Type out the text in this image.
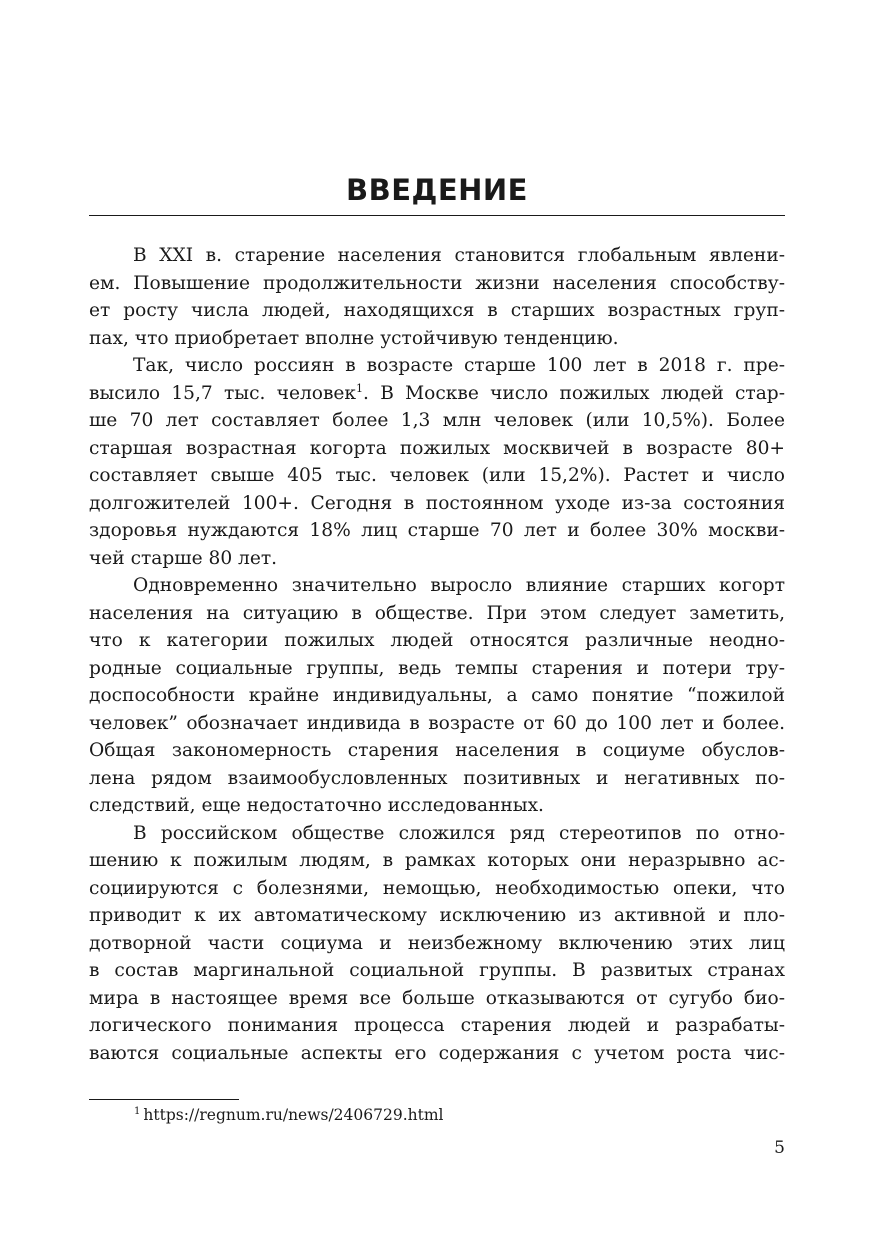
ВВЕДЕНИЕ
В XXI в. старение населения становится глобальным явлени-
ем. Повышение продолжительности жизни населения способству-
ет росту числа людей, находящихся в старших возрастных груп-
пах, что приобретает вполне устойчивую тенденцию.
Так, число россиян в возрасте старше 100 лет в 2018 г. пре-
высило 15,7 тыс. человек$^1$. В Москве число пожилых людей стар-
ше 70 лет составляет более 1,3 млн человек (или 10,5%). Более
старшая возрастная когорта пожилых москвичей в возрасте 80+
составляет свыше 405 тыс. человек (или 15,2%). Растет и число
долгожителей 100+. Сегодня в постоянном уходе из-за состояния
здоровья нуждаются 18% лиц старше 70 лет и более 30% москви-
чей старше 80 лет.
Одновременно значительно выросло влияние старших когорт
населения на ситуацию в обществе. При этом следует заметить,
что к категории пожилых людей относятся различные неодно-
родные социальные группы, ведь темпы старения и потери тру-
доспособности крайне индивидуальны, а само понятие “пожилой
человек” обозначает индивида в возрасте от 60 до 100 лет и более.
Общая закономерность старения населения в социуме обуслов-
лена рядом взаимообусловленных позитивных и негативных по-
следствий, еще недостаточно исследованных.
В российском обществе сложился ряд стереотипов по отно-
шению к пожилым людям, в рамках которых они неразрывно ас-
социируются с болезнями, немощью, необходимостью опеки, что
приводит к их автоматическому исключению из активной и пло-
дотворной части социума и неизбежному включению этих лиц
в состав маргинальной социальной группы. В развитых странах
мира в настоящее время все больше отказываются от сугубо био-
логического понимания процесса старения людей и разрабаты-
ваются социальные аспекты его содержания с учетом роста чис-
$^1$ https://regnum.ru/news/2406729.html
5
